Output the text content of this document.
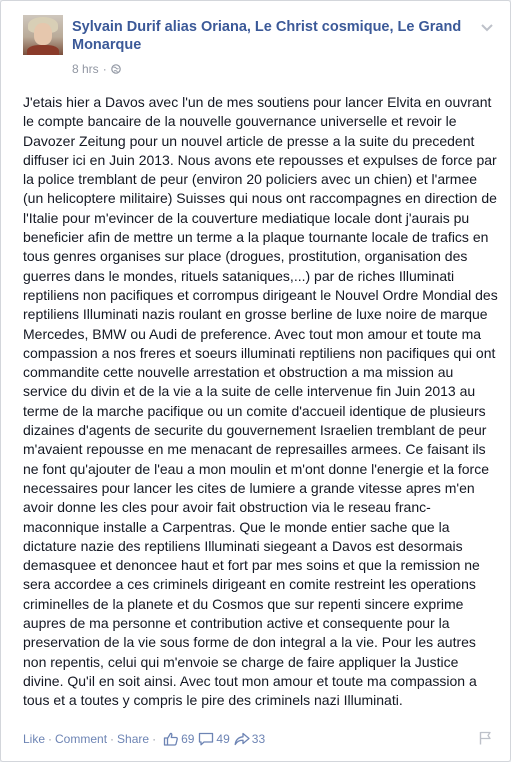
Sylvain Durif alias Oriana, Le Christ cosmique, Le Grand Monarque
8 hrs ·
J'etais hier a Davos avec l'un de mes soutiens pour lancer Elvita en ouvrant le compte bancaire de la nouvelle gouvernance universelle et revoir le Davozer Zeitung pour un nouvel article de presse a la suite du precedent diffuser ici en Juin 2013. Nous avons ete repousses et expulses de force par la police tremblant de peur (environ 20 policiers avec un chien) et l'armee (un helicoptere militaire) Suisses qui nous ont raccompagnes en direction de l'Italie pour m'evincer de la couverture mediatique locale dont j'aurais pu beneficier afin de mettre un terme a la plaque tournante locale de trafics en tous genres organises sur place (drogues, prostitution, organisation des guerres dans le mondes, rituels sataniques,...) par de riches Illuminati reptiliens non pacifiques et corrompus dirigeant le Nouvel Ordre Mondial des reptiliens Illuminati nazis roulant en grosse berline de luxe noire de marque Mercedes, BMW ou Audi de preference. Avec tout mon amour et toute ma compassion a nos freres et soeurs illuminati reptiliens non pacifiques qui ont commandite cette nouvelle arrestation et obstruction a ma mission au service du divin et de la vie a la suite de celle intervenue fin Juin 2013 au terme de la marche pacifique ou un comite d'accueil identique de plusieurs dizaines d'agents de securite du gouvernement Israelien tremblant de peur m'avaient repousse en me menacant de represailles armees. Ce faisant ils ne font qu'ajouter de l'eau a mon moulin et m'ont donne l'energie et la force necessaires pour lancer les cites de lumiere a grande vitesse apres m'en avoir donne les cles pour avoir fait obstruction via le reseau franc-maconnique installe a Carpentras. Que le monde entier sache que la dictature nazie des reptiliens Illuminati siegeant a Davos est desormais demasquee et denoncee haut et fort par mes soins et que la remission ne sera accordee a ces criminels dirigeant en comite restreint les operations criminelles de la planete et du Cosmos que sur repenti sincere exprime aupres de ma personne et contribution active et consequente pour la preservation de la vie sous forme de don integral a la vie. Pour les autres non repentis, celui qui m'envoie se charge de faire appliquer la Justice divine. Qu'il en soit ainsi. Avec tout mon amour et toute ma compassion a tous et a toutes y compris le pire des criminels nazi Illuminati.
Like · Comment · Share · 69 49 33
